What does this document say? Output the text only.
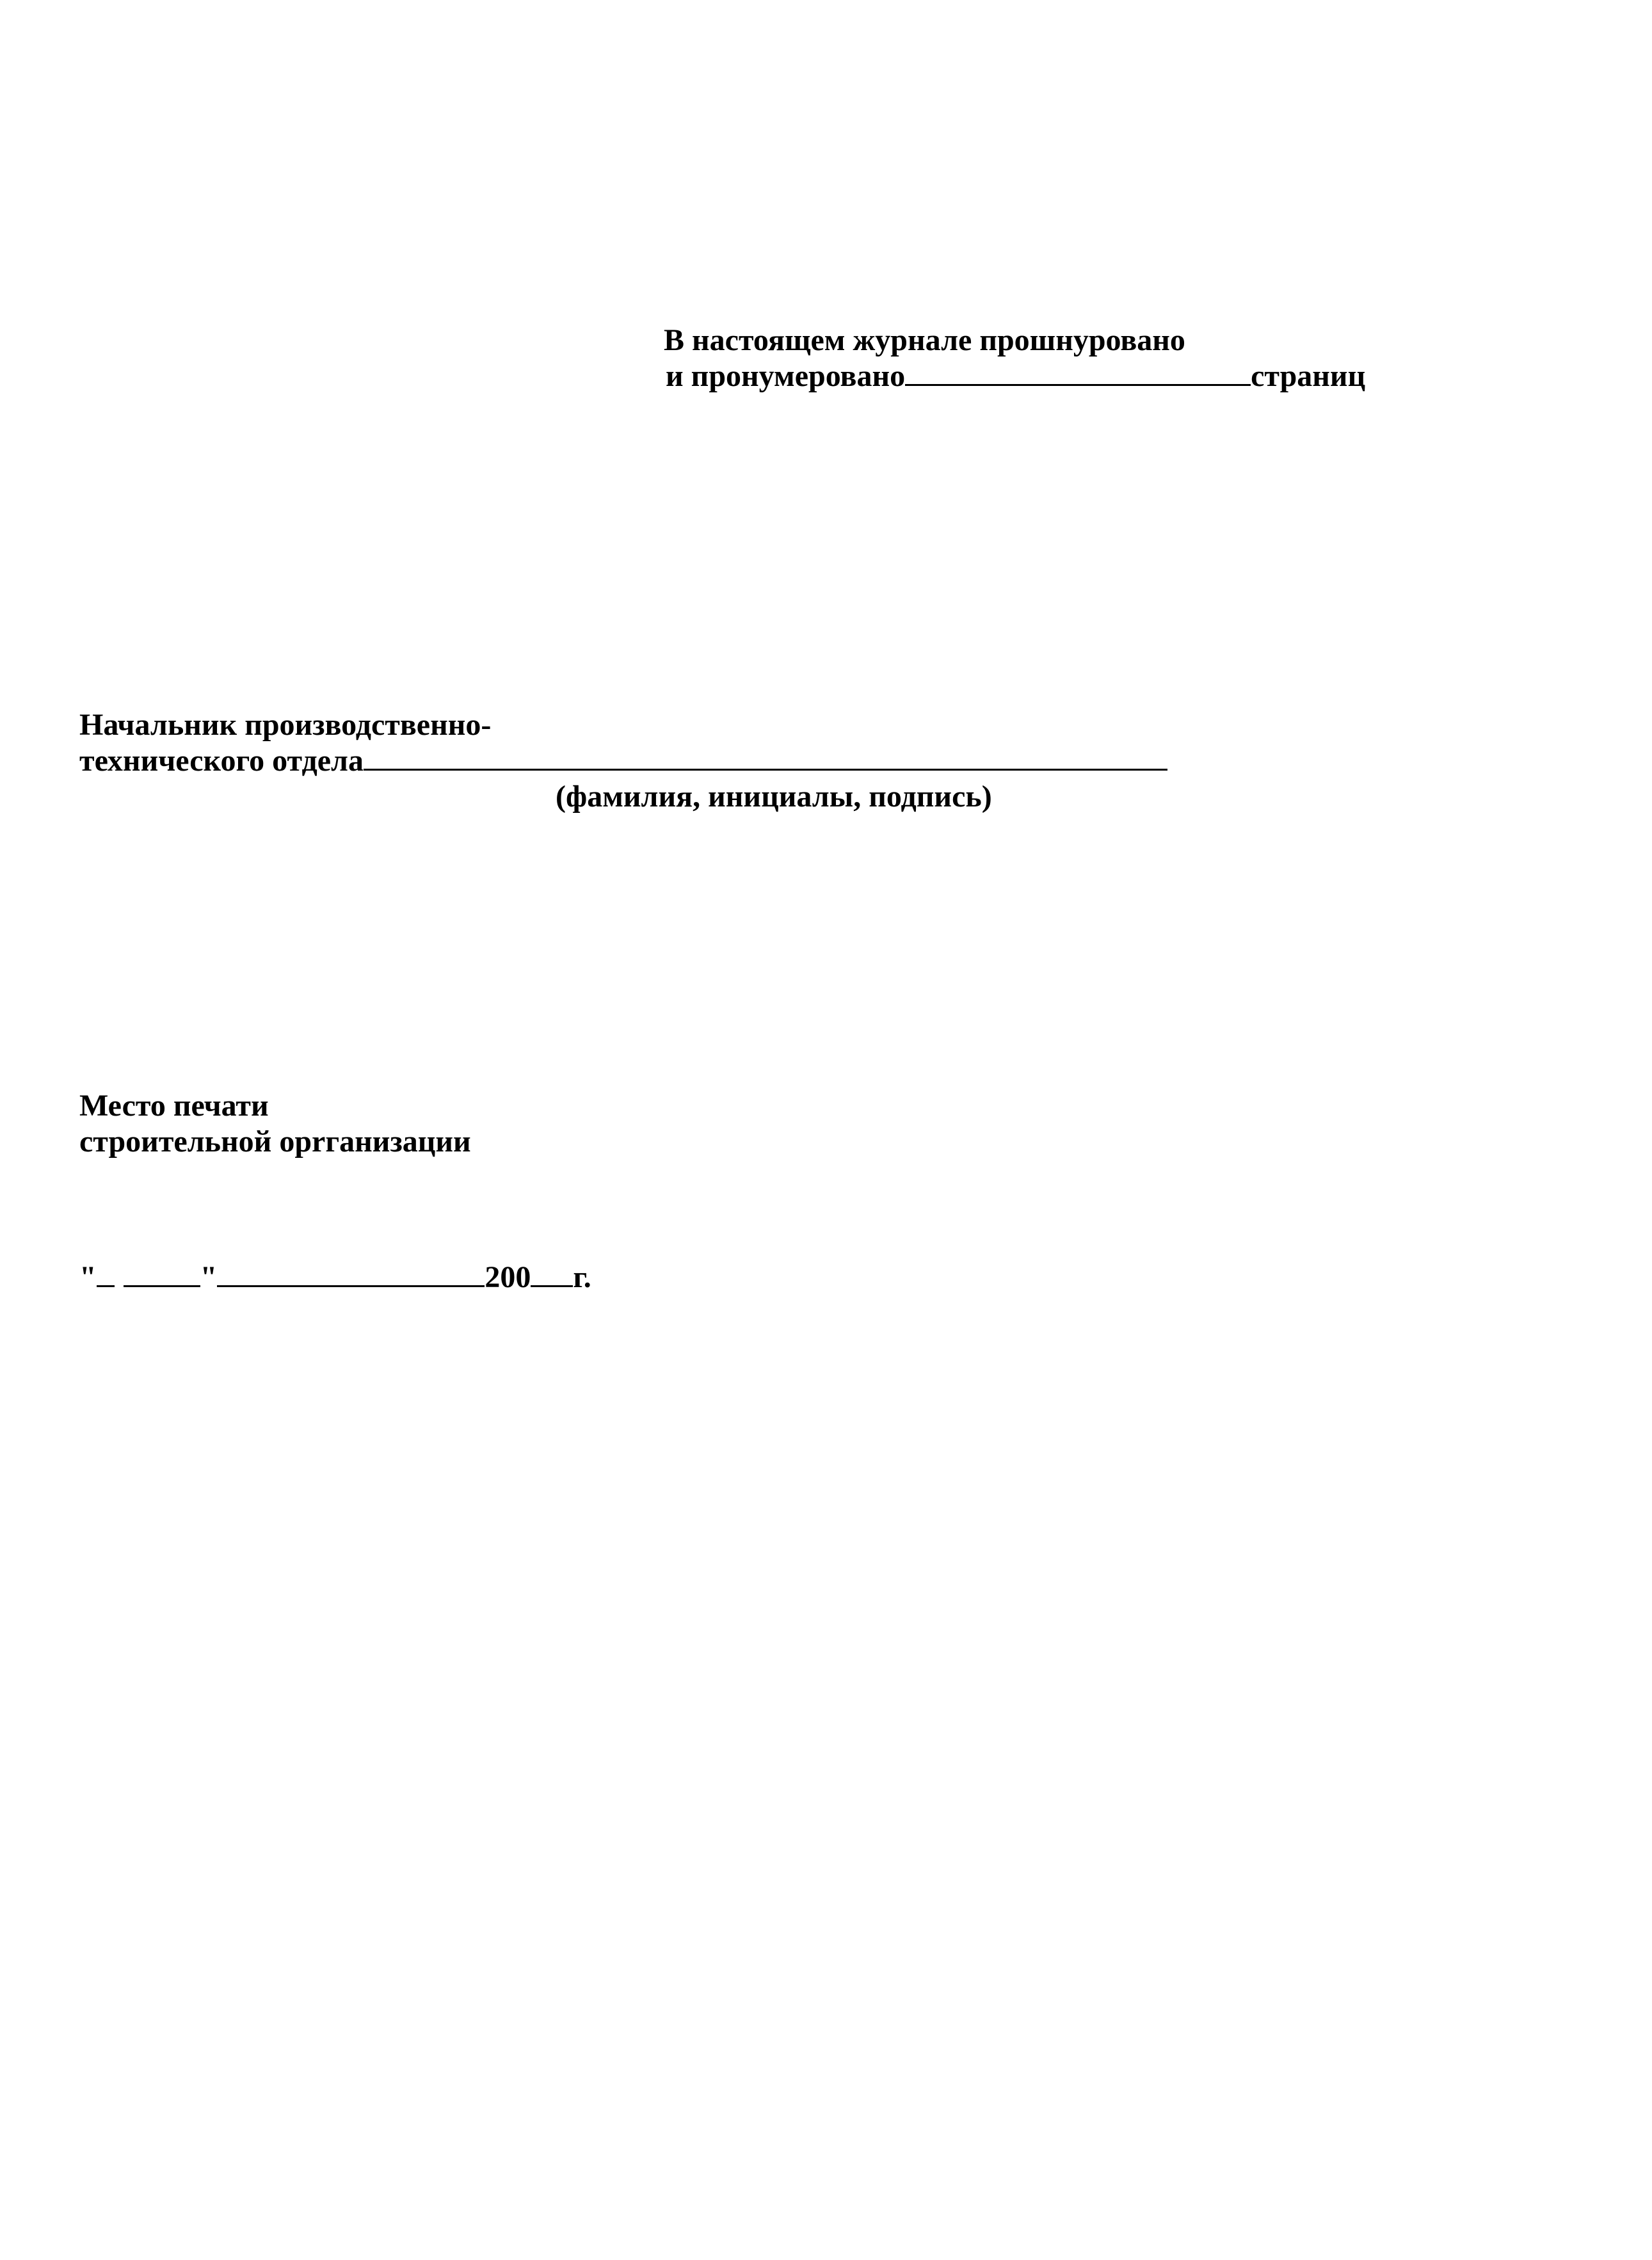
В настоящем журнале прошнуровано
и пронумеровано	страниц
Начальник производственно-
технического отдела
(фамилия, инициалы, подпись)
Место печати
строительной орrганизации
"	"	200 г.
